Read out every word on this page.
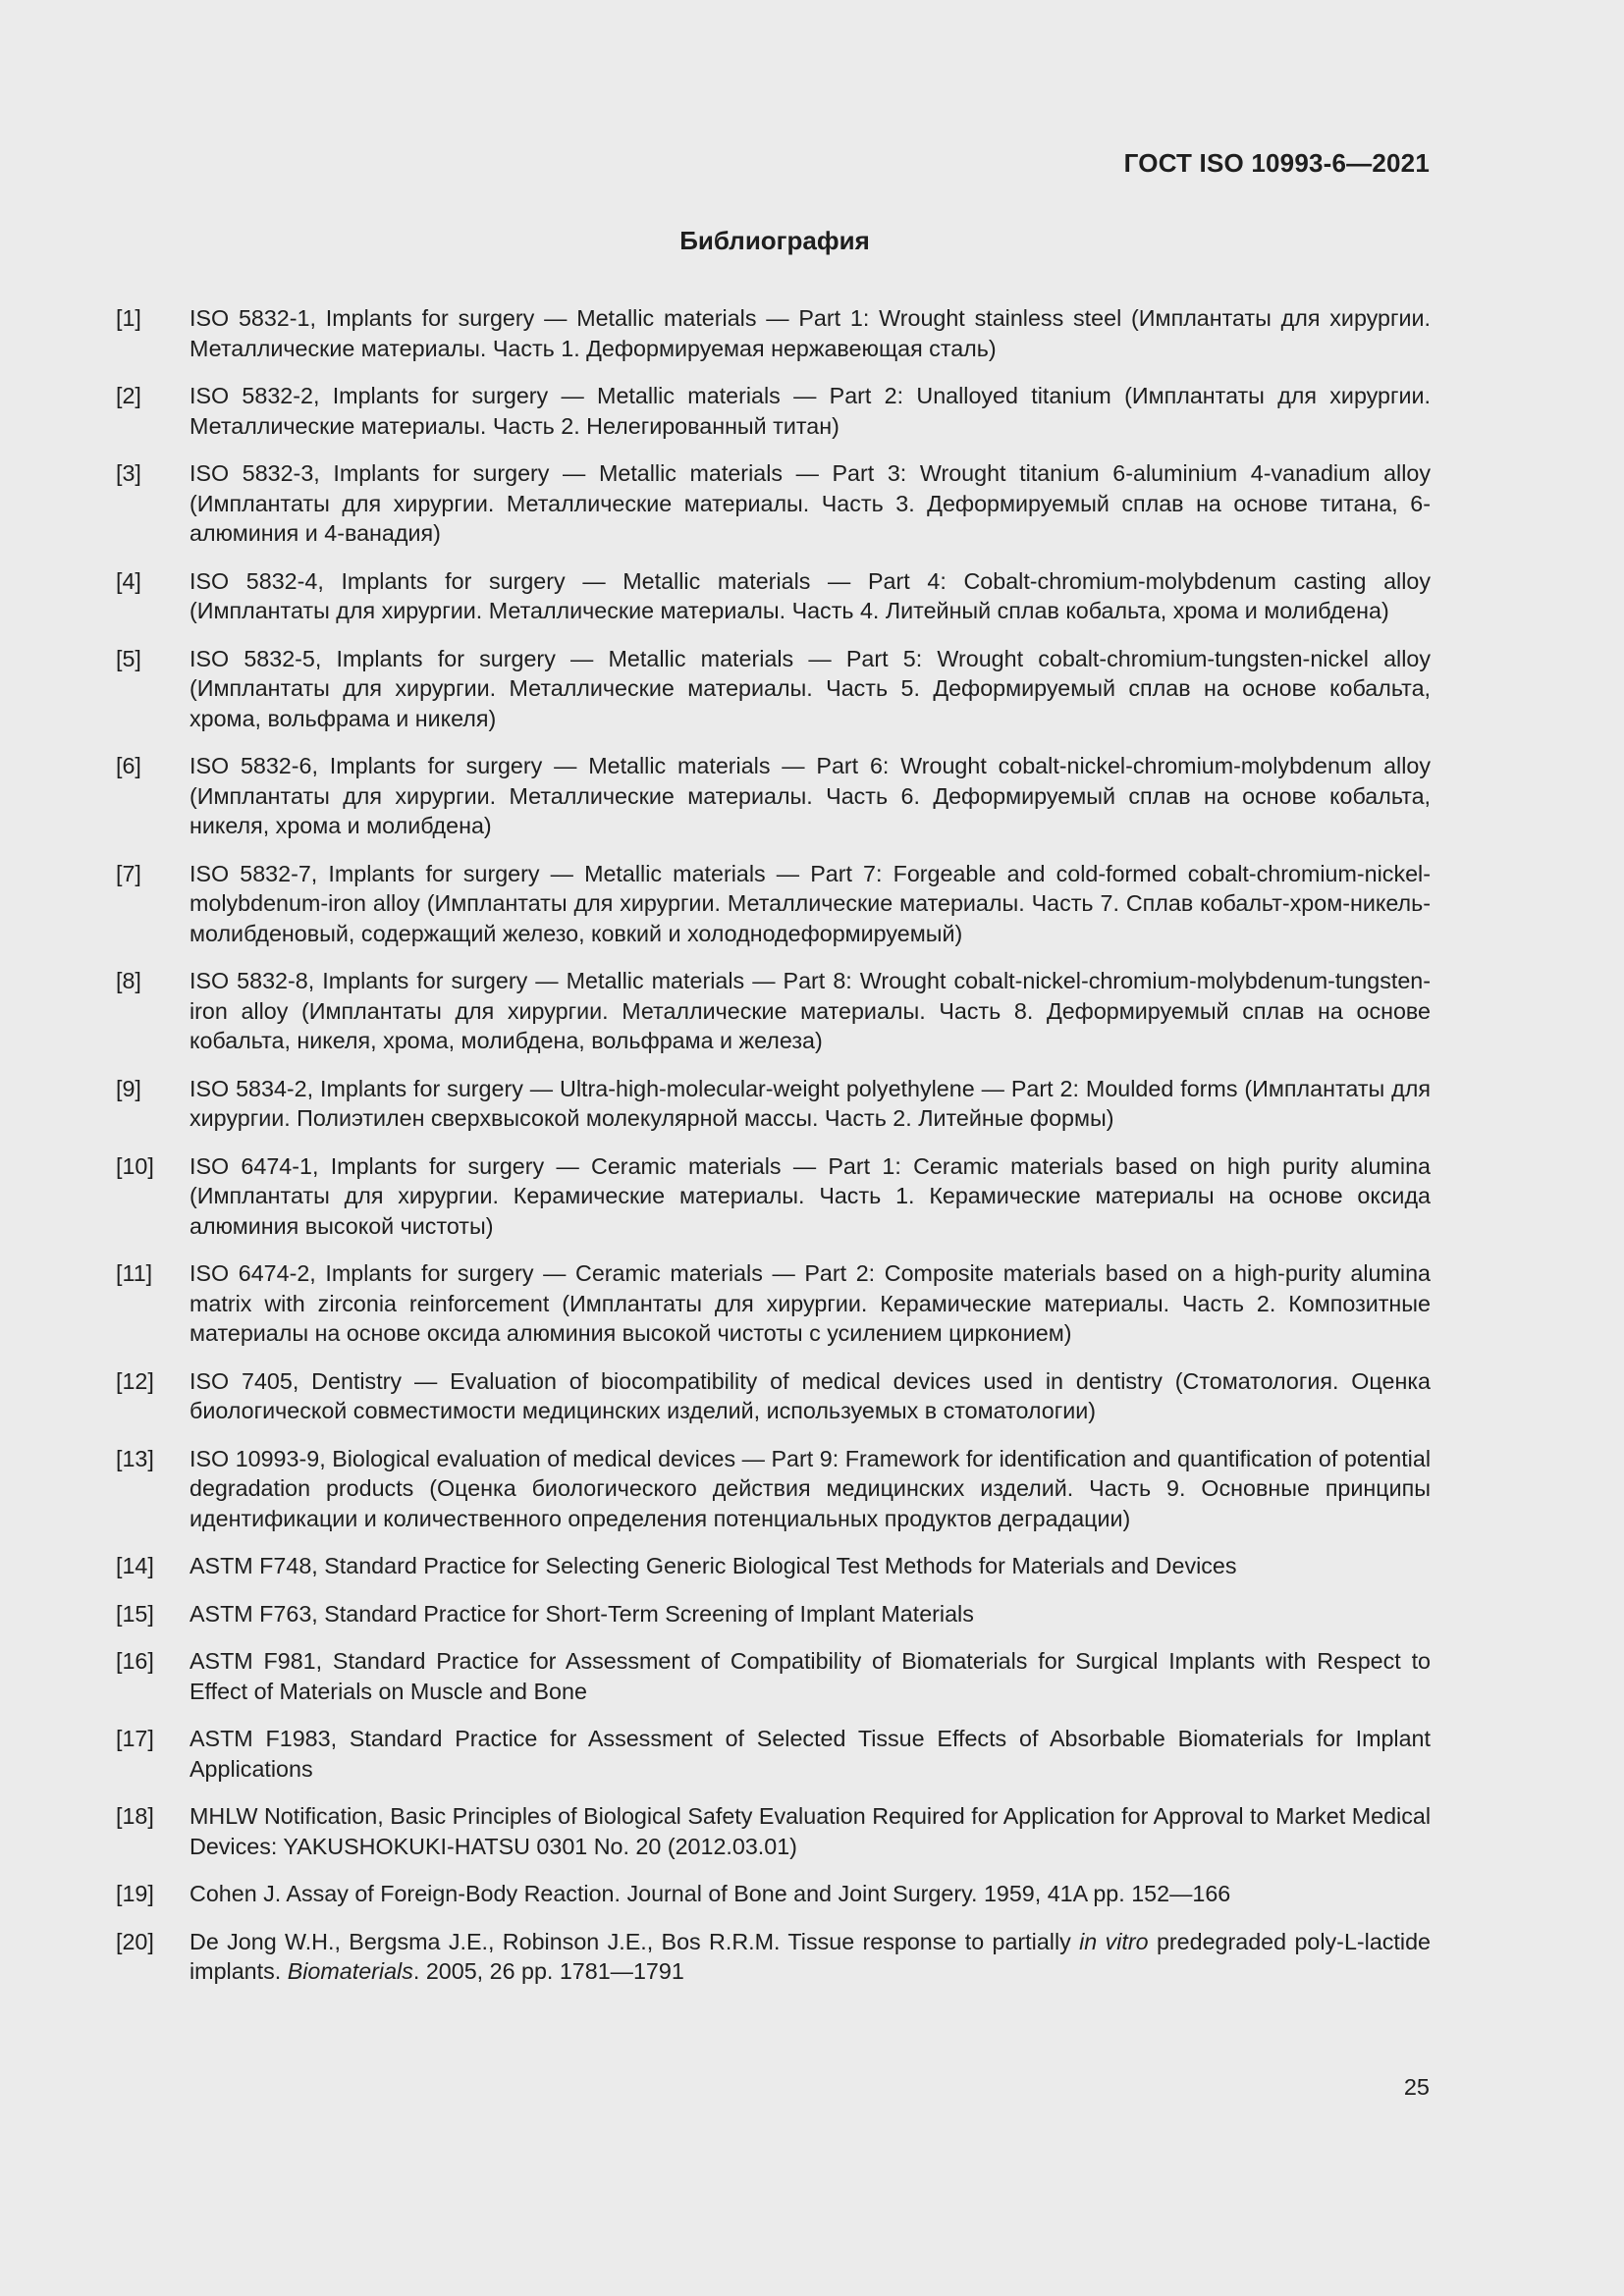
ГОСТ ISO 10993-6—2021
Библиография
[1]	ISO 5832-1, Implants for surgery — Metallic materials — Part 1: Wrought stainless steel (Имплантаты для хирургии. Металлические материалы. Часть 1. Деформируемая нержавеющая сталь)
[2]	ISO 5832-2, Implants for surgery — Metallic materials — Part 2: Unalloyed titanium (Имплантаты для хирургии. Металлические материалы. Часть 2. Нелегированный титан)
[3]	ISO 5832-3, Implants for surgery — Metallic materials — Part 3: Wrought titanium 6-aluminium 4-vanadium alloy (Имплантаты для хирургии. Металлические материалы. Часть 3. Деформируемый сплав на основе титана, 6-алюминия и 4-ванадия)
[4]	ISO 5832-4, Implants for surgery — Metallic materials — Part 4: Cobalt-chromium-molybdenum casting alloy (Имплантаты для хирургии. Металлические материалы. Часть 4. Литейный сплав кобальта, хрома и молибдена)
[5]	ISO 5832-5, Implants for surgery — Metallic materials — Part 5: Wrought cobalt-chromium-tungsten-nickel alloy (Имплантаты для хирургии. Металлические материалы. Часть 5. Деформируемый сплав на основе кобальта, хрома, вольфрама и никеля)
[6]	ISO 5832-6, Implants for surgery — Metallic materials — Part 6: Wrought cobalt-nickel-chromium-molybdenum alloy (Имплантаты для хирургии. Металлические материалы. Часть 6. Деформируемый сплав на основе кобальта, никеля, хрома и молибдена)
[7]	ISO 5832-7, Implants for surgery — Metallic materials — Part 7: Forgeable and cold-formed cobalt-chromium-nickel-molybdenum-iron alloy (Имплантаты для хирургии. Металлические материалы. Часть 7. Сплав кобальт-хром-никель-молибденовый, содержащий железо, ковкий и холоднодеформируемый)
[8]	ISO 5832-8, Implants for surgery — Metallic materials — Part 8: Wrought cobalt-nickel-chromium-molybdenum-tungsten-iron alloy (Имплантаты для хирургии. Металлические материалы. Часть 8. Деформируемый сплав на основе кобальта, никеля, хрома, молибдена, вольфрама и железа)
[9]	ISO 5834-2, Implants for surgery — Ultra-high-molecular-weight polyethylene — Part 2: Moulded forms (Имплантаты для хирургии. Полиэтилен сверхвысокой молекулярной массы. Часть 2. Литейные формы)
[10]	ISO 6474-1, Implants for surgery — Ceramic materials — Part 1: Ceramic materials based on high purity alumina (Имплантаты для хирургии. Керамические материалы. Часть 1. Керамические материалы на основе оксида алюминия высокой чистоты)
[11]	ISO 6474-2, Implants for surgery — Ceramic materials — Part 2: Composite materials based on a high-purity alumina matrix with zirconia reinforcement (Имплантаты для хирургии. Керамические материалы. Часть 2. Композитные материалы на основе оксида алюминия высокой чистоты с усилением цирконием)
[12]	ISO 7405, Dentistry — Evaluation of biocompatibility of medical devices used in dentistry (Стоматология. Оценка биологической совместимости медицинских изделий, используемых в стоматологии)
[13]	ISO 10993-9, Biological evaluation of medical devices — Part 9: Framework for identification and quantification of potential degradation products (Оценка биологического действия медицинских изделий. Часть 9. Основные принципы идентификации и количественного определения потенциальных продуктов деградации)
[14]	ASTM F748, Standard Practice for Selecting Generic Biological Test Methods for Materials and Devices
[15]	ASTM F763, Standard Practice for Short-Term Screening of Implant Materials
[16]	ASTM F981, Standard Practice for Assessment of Compatibility of Biomaterials for Surgical Implants with Respect to Effect of Materials on Muscle and Bone
[17]	ASTM F1983, Standard Practice for Assessment of Selected Tissue Effects of Absorbable Biomaterials for Implant Applications
[18]	MHLW Notification, Basic Principles of Biological Safety Evaluation Required for Application for Approval to Market Medical Devices: YAKUSHOKUKI-HATSU 0301 No. 20 (2012.03.01)
[19]	Cohen J. Assay of Foreign-Body Reaction. Journal of Bone and Joint Surgery. 1959, 41A pp. 152—166
[20]	De Jong W.H., Bergsma J.E., Robinson J.E., Bos R.R.M. Tissue response to partially in vitro predegraded poly-L-lactide implants. Biomaterials. 2005, 26 pp. 1781—1791
25
